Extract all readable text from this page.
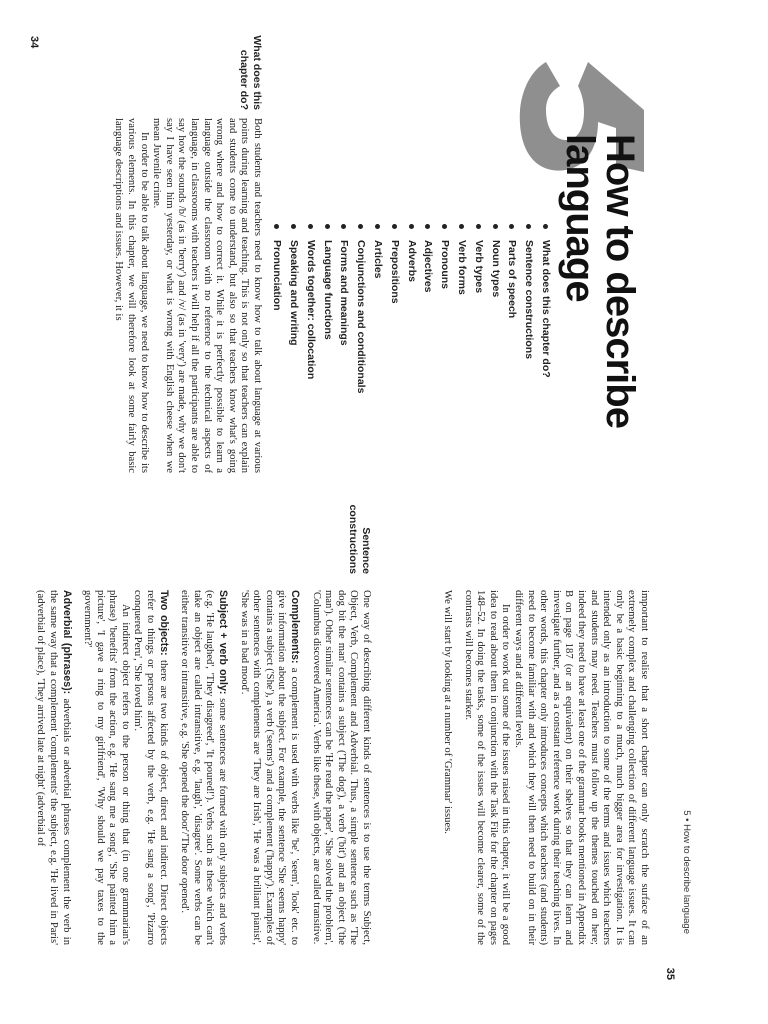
How to describe
language
What does this chapter do?
Sentence constructions
Parts of speech
Noun types
Verb types
Verb forms
Pronouns
Adjectives
Adverbs
Prepositions
Articles
Conjunctions and conditionals
Forms and meanings
Language functions
Words together: collocation
Speaking and writing
Pronunciation
What does this
chapter do?

Both students and teachers need to know how to talk about language at various points during learning and teaching. This is not only so that teachers can explain and students come to understand, but also so that teachers know what's going wrong where and how to correct it. While it is perfectly possible to learn a language outside the classroom with no reference to the technical aspects of language, in classrooms with teachers it will help if all the participants are able to say how the sounds /b/ (as in 'berry') and /v/ (as in 'very') are made, why we don't say I have seen him yesterday, or what is wrong with English cheese when we mean Juvenile crime.

In order to be able to talk about language, we need to know how to describe its various elements. In this chapter, we will therefore look at some fairly basic language descriptions and issues. However, it is

34
5 • How to describe language
35

important to realise that a short chapter can only scratch the surface of an extremely complex and challenging collection of different language issues. It can only be a basic beginning to a much, much bigger area for investigation. It is intended only as an introduction to some of the terms and issues which teachers and students may need. Teachers must follow up the themes touched on here; indeed they need to have at least one of the grammar books mentioned in Appendix B on page 187 (or an equivalent) on their shelves so that they can learn and investigate further, and as a constant reference work during their teaching lives. In other words, this chapter only introduces concepts which teachers (and students) need to become familiar with and which they will then need to build on in their different ways and at different levels.

In order to work out some of the issues raised in this chapter, it will be a good idea to read about them in conjunction with the Task File for the chapter on pages 148–52. In doing the tasks, some of the issues will become clearer, some of the contrasts will becomes starker.

We will start by looking at a number of 'Grammar' issues.

Sentence
constructions

One way of describing different kinds of sentences is to use the terms Subject, Object, Verb, Complement and Adverbial. Thus, a simple sentence such as 'The dog bit the man' contains a subject ('The dog'), a verb ('bit') and an object ('the man'). Other similar sentences can be 'He read the paper', 'She solved the problem', 'Columbus discovered America'. Verbs like these, with objects, are called transitive.

Complements: a complement is used with verbs like 'be', 'seem', 'look' etc. to give information about the subject. For example, the sentence 'She seems happy' contains a subject ('She'), a verb ('seems') and a complement ('happy'). Examples of other sentences with complements are 'They are Irish', 'He was a brilliant pianist', 'She was in a bad mood'.

Subject + verb only: some sentences are formed with only subjects and verbs (e.g. 'He laughed', 'They disagreed', 'It poured!'). Verbs such as these which can't take an object are called intransitive, e.g. 'laugh', 'disagree'. Some verbs can be either transitive or intransitive, e.g. 'She opened the door'/'The door opened'.

Two objects: there are two kinds of object, direct and indirect. Direct objects refer to things or persons affected by the verb, e.g. 'He sang a song', 'Pizarro conquered Peru', 'She loved him'.

An indirect object refers to the person or thing that (in one grammarian's phrase) 'benefits' from the action, e.g. 'He sang me a song', 'She painted him a picture', 'I gave a ring to my girlfriend', 'Why should we pay taxes to the government?'

Adverbial (phrases): adverbials or adverbial phrases complement the verb in the same way that a complement 'complements' the subject, e.g. 'He lived in Paris' (adverbial of place), 'They arrived late at night' (adverbial of
